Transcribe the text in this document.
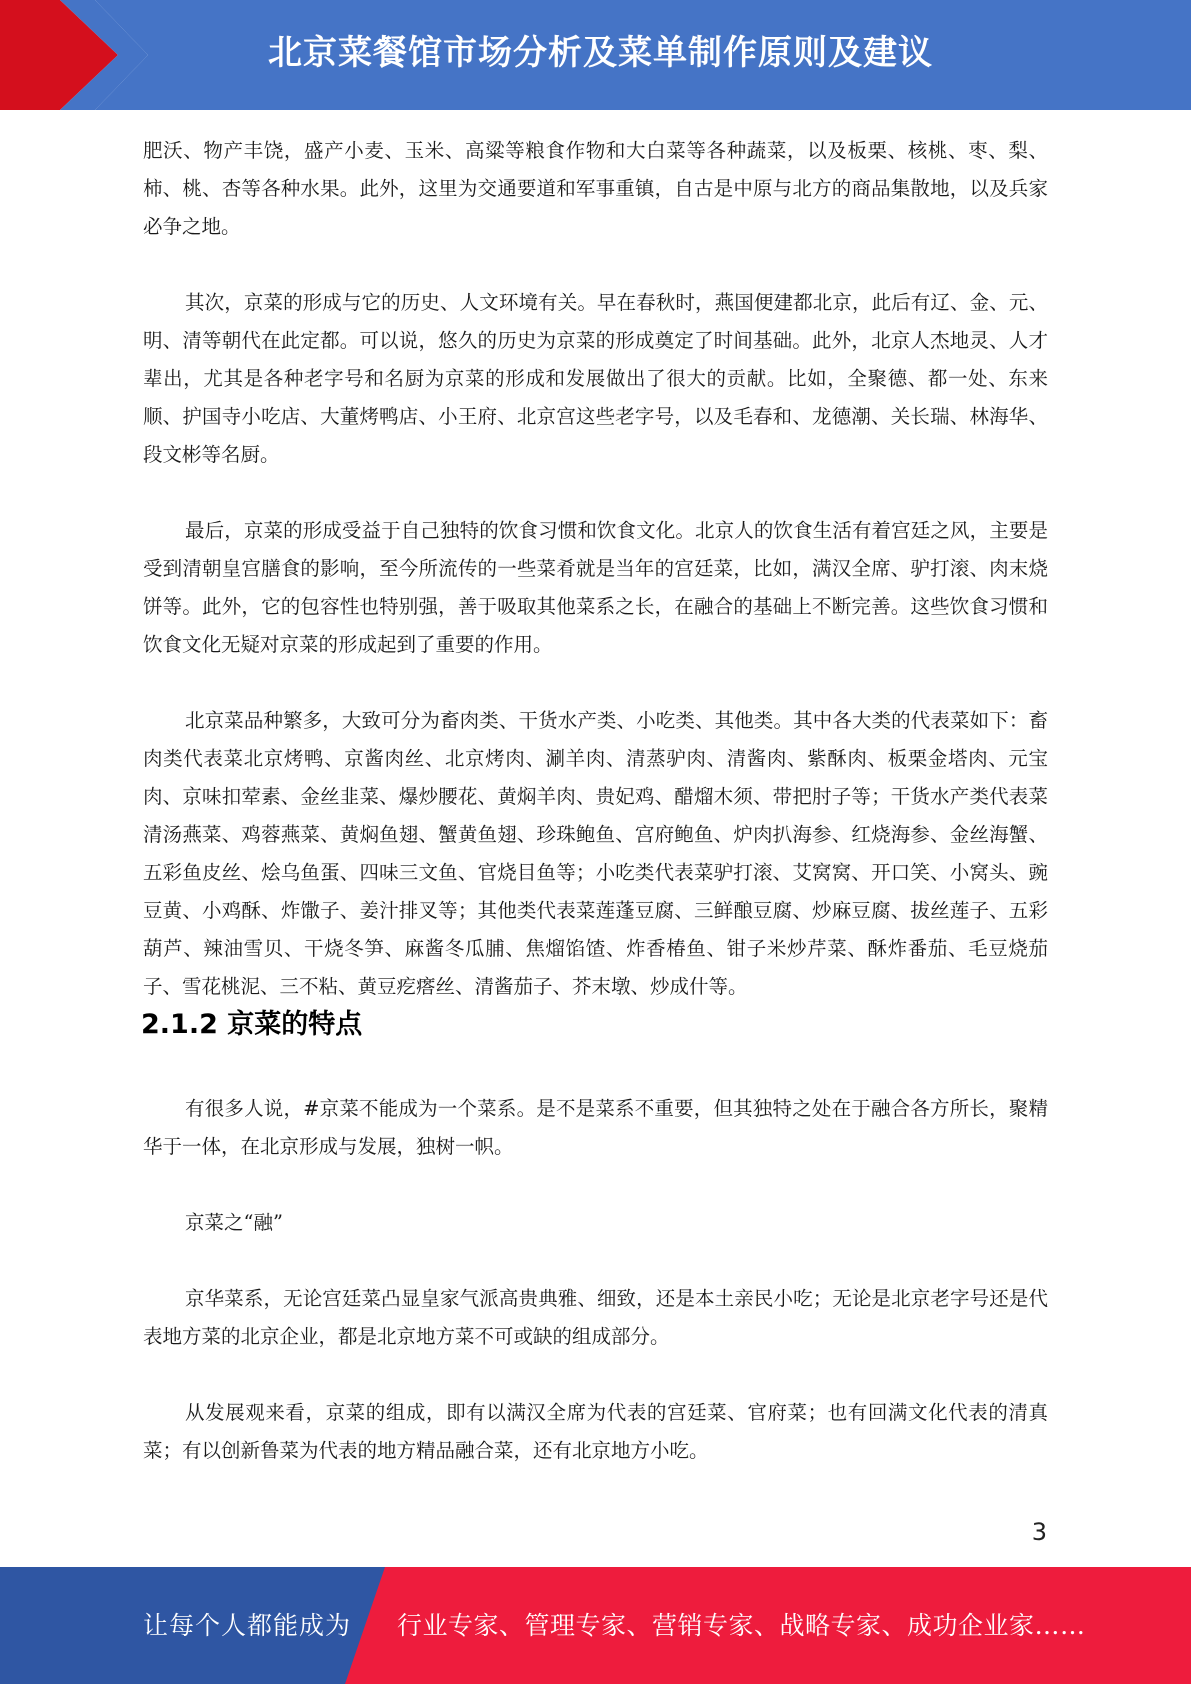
北京菜餐馆市场分析及菜单制作原则及建议

肥沃、物产丰饶，盛产小麦、玉米、高粱等粮食作物和大白菜等各种蔬菜，以及板栗、核桃、枣、梨、柿、桃、杏等各种水果。此外，这里为交通要道和军事重镇，自古是中原与北方的商品集散地，以及兵家必争之地。

其次，京菜的形成与它的历史、人文环境有关。早在春秋时，燕国便建都北京，此后有辽、金、元、明、清等朝代在此定都。可以说，悠久的历史为京菜的形成奠定了时间基础。此外，北京人杰地灵、人才辈出，尤其是各种老字号和名厨为京菜的形成和发展做出了很大的贡献。比如，全聚德、都一处、东来顺、护国寺小吃店、大董烤鸭店、小王府、北京宫这些老字号，以及毛春和、龙德潮、关长瑞、林海华、段文彬等名厨。

最后，京菜的形成受益于自己独特的饮食习惯和饮食文化。北京人的饮食生活有着宫廷之风，主要是受到清朝皇宫膳食的影响，至今所流传的一些菜肴就是当年的宫廷菜，比如，满汉全席、驴打滚、肉末烧饼等。此外，它的包容性也特别强，善于吸取其他菜系之长，在融合的基础上不断完善。这些饮食习惯和饮食文化无疑对京菜的形成起到了重要的作用。

北京菜品种繁多，大致可分为畜肉类、干货水产类、小吃类、其他类。其中各大类的代表菜如下：畜肉类代表菜北京烤鸭、京酱肉丝、北京烤肉、涮羊肉、清蒸驴肉、清酱肉、紫酥肉、板栗金塔肉、元宝肉、京味扣荤素、金丝韭菜、爆炒腰花、黄焖羊肉、贵妃鸡、醋熘木须、带把肘子等；干货水产类代表菜清汤燕菜、鸡蓉燕菜、黄焖鱼翅、蟹黄鱼翅、珍珠鲍鱼、宫府鲍鱼、炉肉扒海参、红烧海参、金丝海蟹、五彩鱼皮丝、烩乌鱼蛋、四味三文鱼、官烧目鱼等；小吃类代表菜驴打滚、艾窝窝、开口笑、小窝头、豌豆黄、小鸡酥、炸馓子、姜汁排叉等；其他类代表菜莲蓬豆腐、三鲜酿豆腐、炒麻豆腐、拔丝莲子、五彩葫芦、辣油雪贝、干烧冬笋、麻酱冬瓜脯、焦熘馅馇、炸香椿鱼、钳子米炒芹菜、酥炸番茄、毛豆烧茄子、雪花桃泥、三不粘、黄豆疙瘩丝、清酱茄子、芥末墩、炒成什等。

2.1.2 京菜的特点

有很多人说，#京菜不能成为一个菜系。是不是菜系不重要，但其独特之处在于融合各方所长，聚精华于一体，在北京形成与发展，独树一帜。

京菜之“融”

京华菜系，无论宫廷菜凸显皇家气派高贵典雅、细致，还是本土亲民小吃；无论是北京老字号还是代表地方菜的北京企业，都是北京地方菜不可或缺的组成部分。

从发展观来看，京菜的组成，即有以满汉全席为代表的宫廷菜、官府菜；也有回满文化代表的清真菜；有以创新鲁菜为代表的地方精品融合菜，还有北京地方小吃。

3
让每个人都能成为 行业专家、管理专家、营销专家、战略专家、成功企业家……
